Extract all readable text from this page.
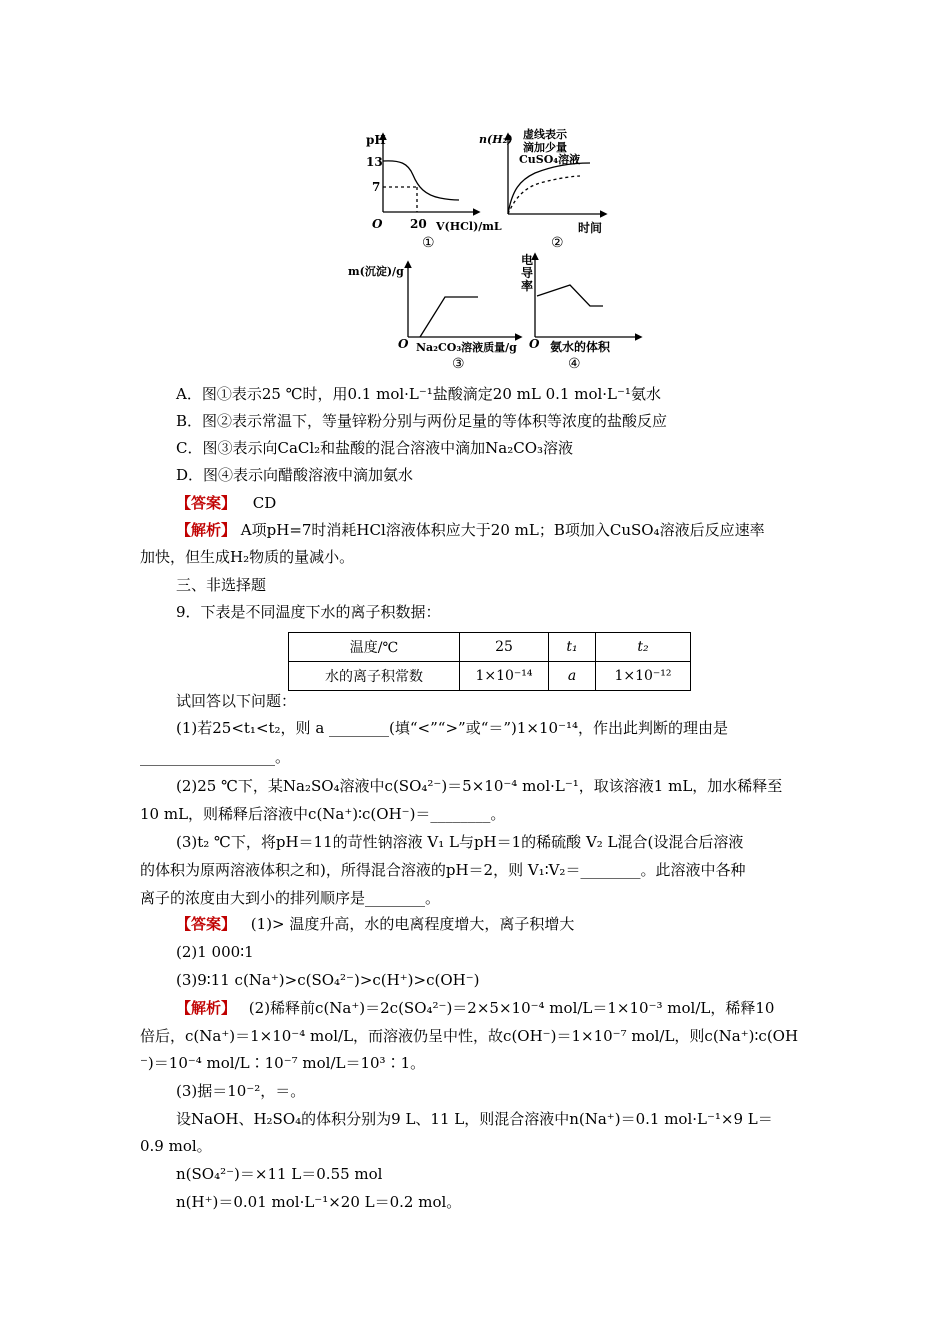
pH
13
7
O 20 V(HCl)/mL
①
n(H₂) 虚线表示
滴加少量
CuSO₄溶液
时间
②
m(沉淀)/g
O Na₂CO₃溶液质量/g
③
电
导
率
O 氨水的体积
④
A．图①表示25 ℃时，用0.1 mol·L⁻¹盐酸滴定20 mL 0.1 mol·L⁻¹氨水
B．图②表示常温下，等量锌粉分别与两份足量的等体积等浓度的盐酸反应
C．图③表示向CaCl₂和盐酸的混合溶液中滴加Na₂CO₃溶液
D．图④表示向醋酸溶液中滴加氨水
【答案】 CD
【解析】 A项pH=7时消耗HCl溶液体积应大于20 mL；B项加入CuSO₄溶液后反应速率
加快，但生成H₂物质的量减小。
三、非选择题
9．下表是不同温度下水的离子积数据：
温度/℃	25	t₁	t₂
水的离子积常数	1×10⁻¹⁴	a	1×10⁻¹²
试回答以下问题：
(1)若25<t₁<t₂，则 a ________(填“<”“>”或“＝”)1×10⁻¹⁴，作出此判断的理由是
__________________。
(2)25 ℃下，某Na₂SO₄溶液中c(SO₄²⁻)＝5×10⁻⁴ mol·L⁻¹，取该溶液1 mL，加水稀释至
10 mL，则稀释后溶液中c(Na⁺)∶c(OH⁻)＝________。
(3)t₂ ℃下，将pH＝11的苛性钠溶液 V₁ L与pH＝1的稀硫酸 V₂ L混合(设混合后溶液
的体积为原两溶液体积之和)，所得混合溶液的pH＝2，则 V₁∶V₂＝________。此溶液中各种
离子的浓度由大到小的排列顺序是________。
【答案】 (1)> 温度升高，水的电离程度增大，离子积增大
(2)1 000∶1
(3)9∶11 c(Na⁺)>c(SO₄²⁻)>c(H⁺)>c(OH⁻)
【解析】 (2)稀释前c(Na⁺)＝2c(SO₄²⁻)＝2×5×10⁻⁴ mol/L＝1×10⁻³ mol/L，稀释10
倍后，c(Na⁺)＝1×10⁻⁴ mol/L，而溶液仍呈中性，故c(OH⁻)＝1×10⁻⁷ mol/L，则c(Na⁺)∶c(OH
⁻)＝10⁻⁴ mol/L∶10⁻⁷ mol/L＝10³∶1。
(3)据＝10⁻²，＝。
设NaOH、H₂SO₄的体积分别为9 L、11 L，则混合溶液中n(Na⁺)＝0.1 mol·L⁻¹×9 L＝
0.9 mol。
n(SO₄²⁻)＝×11 L＝0.55 mol
n(H⁺)＝0.01 mol·L⁻¹×20 L＝0.2 mol。
